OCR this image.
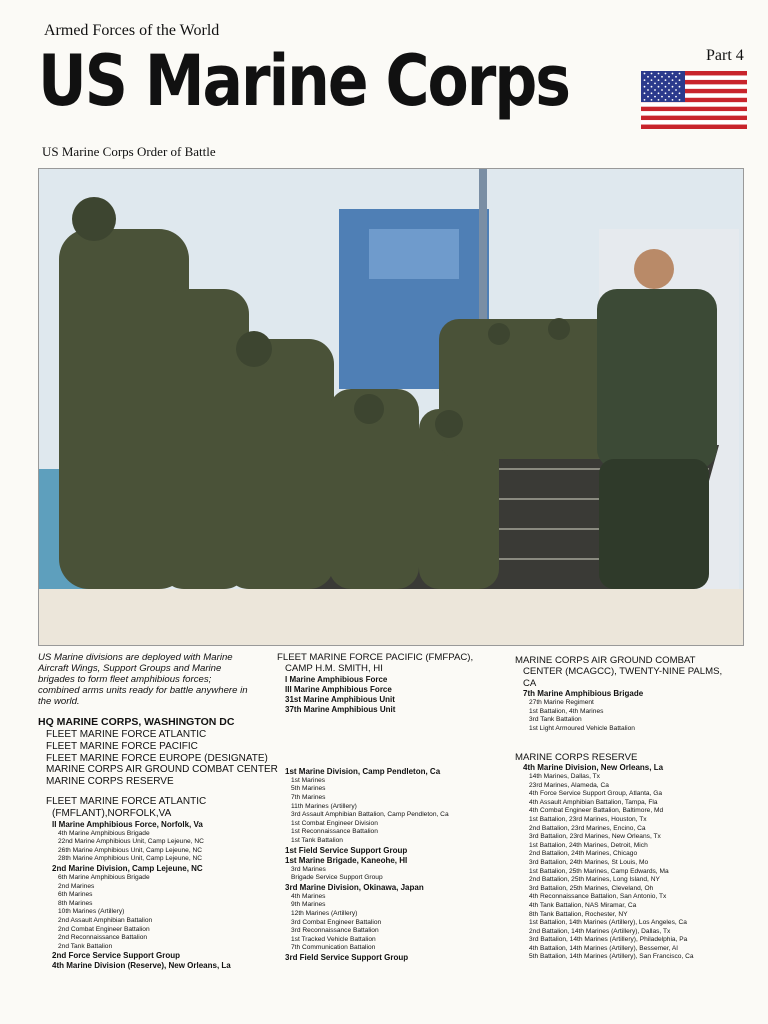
Armed Forces of the World
US Marine Corps	Part 4
US Marine Corps Order of Battle
US Marine divisions are deployed with Marine
Aircraft Wings, Support Groups and Marine
brigades to form fleet amphibious forces;
combined arms units ready for battle anywhere in
the world.
HQ MARINE CORPS, WASHINGTON DC
FLEET MARINE FORCE ATLANTIC
FLEET MARINE FORCE PACIFIC
FLEET MARINE FORCE EUROPE (DESIGNATE)
MARINE CORPS AIR GROUND COMBAT CENTER
MARINE CORPS RESERVE
FLEET MARINE FORCE ATLANTIC
(FMFLANT),NORFOLK,VA
II Marine Amphibious Force, Norfolk, Va
4th Marine Amphibious Brigade
22nd Marine Amphibious Unit, Camp Lejeune, NC
26th Marine Amphibious Unit, Camp Lejeune, NC
28th Marine Amphibious Unit, Camp Lejeune, NC
2nd Marine Division, Camp Lejeune, NC
6th Marine Amphibious Brigade
2nd Marines
6th Marines
8th Marines
10th Marines (Artillery)
2nd Assault Amphibian Battalion
2nd Combat Engineer Battalion
2nd Reconnaissance Battalion
2nd Tank Battalion
2nd Force Service Support Group
4th Marine Division (Reserve), New Orleans, La
FLEET MARINE FORCE PACIFIC (FMFPAC),
CAMP H.M. SMITH, HI
I Marine Amphibious Force
III Marine Amphibious Force
31st Marine Amphibious Unit
37th Marine Amphibious Unit
1st Marine Division, Camp Pendleton, Ca
1st Marines
5th Marines
7th Marines
11th Marines (Artillery)
3rd Assault Amphibian Battalion, Camp Pendleton, Ca
1st Combat Engineer Division
1st Reconnaissance Battalion
1st Tank Battalion
1st Field Service Support Group
1st Marine Brigade, Kaneohe, HI
3rd Marines
Brigade Service Support Group
3rd Marine Division, Okinawa, Japan
4th Marines
9th Marines
12th Marines (Artillery)
3rd Combat Engineer Battalion
3rd Reconnaissance Battalion
1st Tracked Vehicle Battalion
7th Communication Battalion
3rd Field Service Support Group
MARINE CORPS AIR GROUND COMBAT
CENTER (MCAGCC), TWENTY-NINE PALMS,
CA
7th Marine Amphibious Brigade
27th Marine Regiment
1st Battalion, 4th Marines
3rd Tank Battalion
1st Light Armoured Vehicle Battalion
MARINE CORPS RESERVE
4th Marine Division, New Orleans, La
14th Marines, Dallas, Tx
23rd Marines, Alameda, Ca
4th Force Service Support Group, Atlanta, Ga
4th Assault Amphibian Battalion, Tampa, Fla
4th Combat Engineer Battalion, Baltimore, Md
1st Battalion, 23rd Marines, Houston, Tx
2nd Battalion, 23rd Marines, Encino, Ca
3rd Battalion, 23rd Marines, New Orleans, Tx
1st Battalion, 24th Marines, Detroit, Mich
2nd Battalion, 24th Marines, Chicago
3rd Battalion, 24th Marines, St Louis, Mo
1st Battalion, 25th Marines, Camp Edwards, Ma
2nd Battalion, 25th Marines, Long Island, NY
3rd Battalion, 25th Marines, Cleveland, Oh
4th Reconnaissance Battalion, San Antonio, Tx
4th Tank Battalion, NAS Miramar, Ca
8th Tank Battalion, Rochester, NY
1st Battalion, 14th Marines (Artillery), Los Angeles, Ca
2nd Battalion, 14th Marines (Artillery), Dallas, Tx
3rd Battalion, 14th Marines (Artillery), Philadelphia, Pa
4th Battalion, 14th Marines (Artillery), Bessemer, Al
5th Battalion, 14th Marines (Artillery), San Francisco, Ca
